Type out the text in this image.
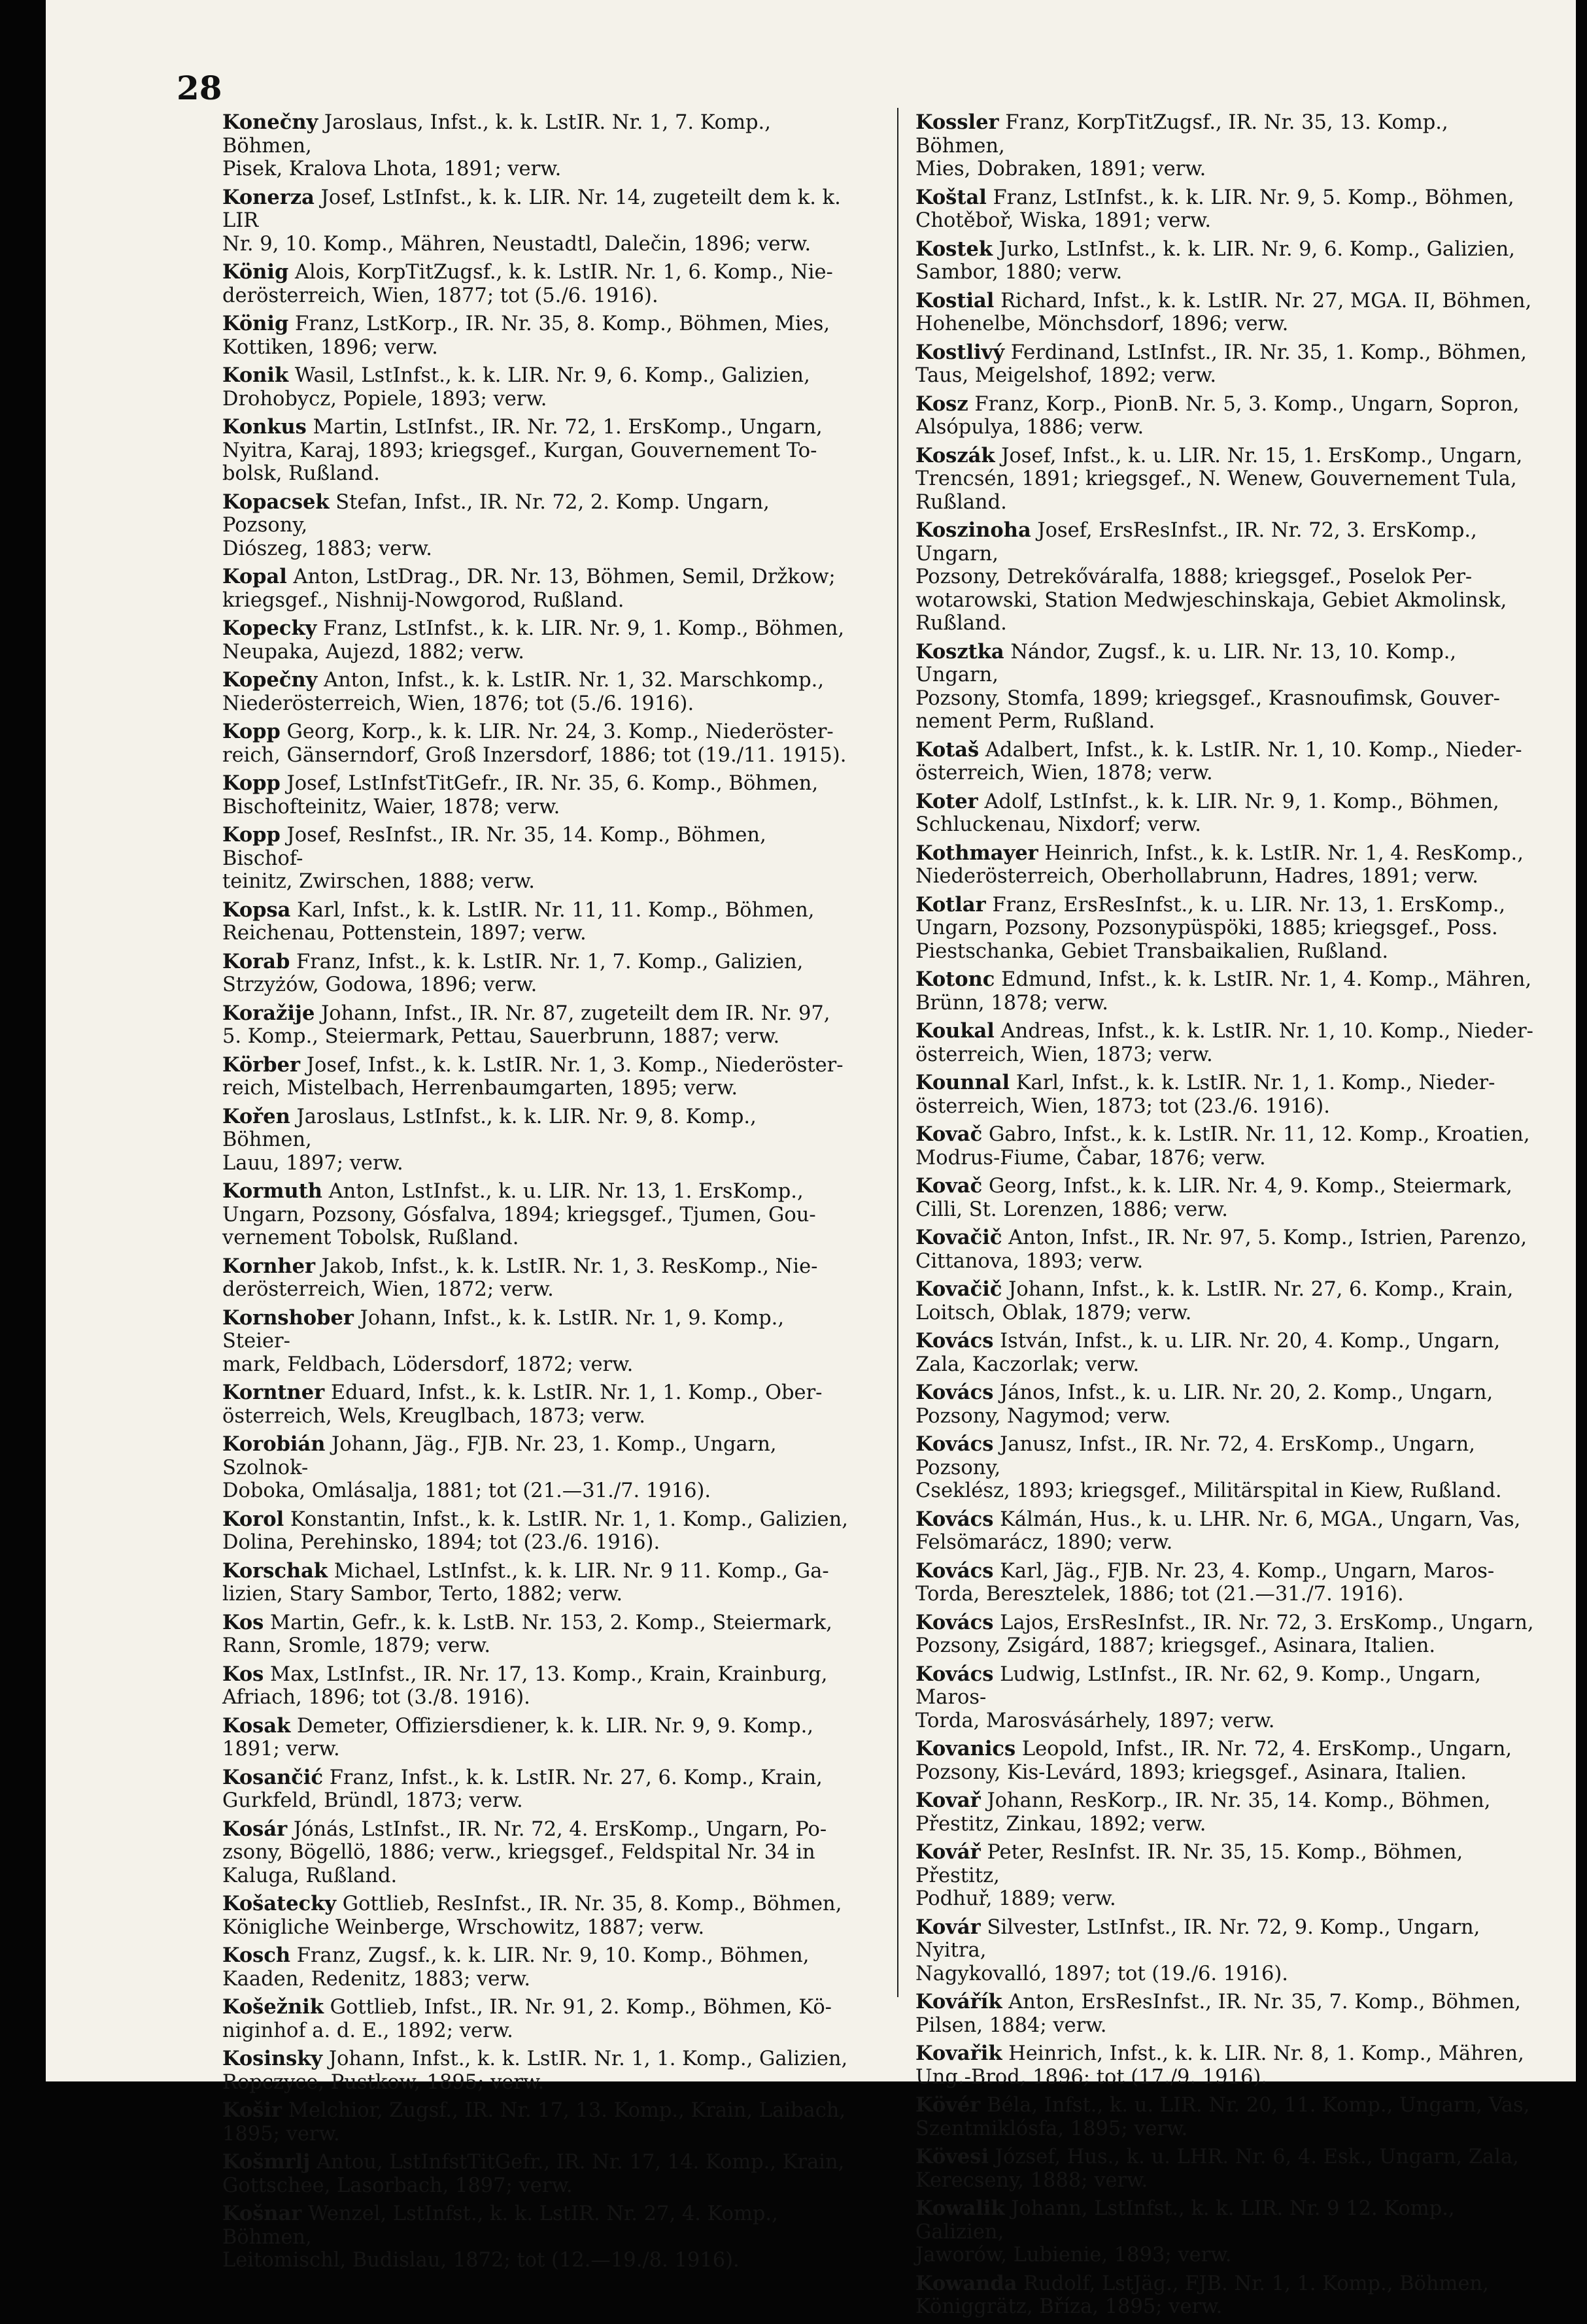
28
Konečny Jaroslaus, Infst., k. k. LstIR. Nr. 1, 7. Komp., Böhmen,
Pisek, Kralova Lhota, 1891; verw.
Konerza Josef, LstInfst., k. k. LIR. Nr. 14, zugeteilt dem k. k. LIR
Nr. 9, 10. Komp., Mähren, Neustadtl, Dalečin, 1896; verw.
König Alois, KorpTitZugsf., k. k. LstIR. Nr. 1, 6. Komp., Nie-
derösterreich, Wien, 1877; tot (5./6. 1916).
König Franz, LstKorp., IR. Nr. 35, 8. Komp., Böhmen, Mies,
Kottiken, 1896; verw.
Konik Wasil, LstInfst., k. k. LIR. Nr. 9, 6. Komp., Galizien,
Drohobycz, Popiele, 1893; verw.
Konkus Martin, LstInfst., IR. Nr. 72, 1. ErsKomp., Ungarn,
Nyitra, Karaj, 1893; kriegsgef., Kurgan, Gouvernement To-
bolsk, Rußland.
Kopacsek Stefan, Infst., IR. Nr. 72, 2. Komp. Ungarn, Pozsony,
Diószeg, 1883; verw.
Kopal Anton, LstDrag., DR. Nr. 13, Böhmen, Semil, Držkow;
kriegsgef., Nishnij-Nowgorod, Rußland.
Kopecky Franz, LstInfst., k. k. LIR. Nr. 9, 1. Komp., Böhmen,
Neupaka, Aujezd, 1882; verw.
Kopečny Anton, Infst., k. k. LstIR. Nr. 1, 32. Marschkomp.,
Niederösterreich, Wien, 1876; tot (5./6. 1916).
Kopp Georg, Korp., k. k. LIR. Nr. 24, 3. Komp., Niederöster-
reich, Gänserndorf, Groß Inzersdorf, 1886; tot (19./11. 1915).
Kopp Josef, LstInfstTitGefr., IR. Nr. 35, 6. Komp., Böhmen,
Bischofteinitz, Waier, 1878; verw.
Kopp Josef, ResInfst., IR. Nr. 35, 14. Komp., Böhmen, Bischof-
teinitz, Zwirschen, 1888; verw.
Kopsa Karl, Infst., k. k. LstIR. Nr. 11, 11. Komp., Böhmen,
Reichenau, Pottenstein, 1897; verw.
Korab Franz, Infst., k. k. LstIR. Nr. 1, 7. Komp., Galizien,
Strzyżów, Godowa, 1896; verw.
Koražije Johann, Infst., IR. Nr. 87, zugeteilt dem IR. Nr. 97,
5. Komp., Steiermark, Pettau, Sauerbrunn, 1887; verw.
Körber Josef, Infst., k. k. LstIR. Nr. 1, 3. Komp., Niederöster-
reich, Mistelbach, Herrenbaumgarten, 1895; verw.
Kořen Jaroslaus, LstInfst., k. k. LIR. Nr. 9, 8. Komp., Böhmen,
Lauu, 1897; verw.
Kormuth Anton, LstInfst., k. u. LIR. Nr. 13, 1. ErsKomp.,
Ungarn, Pozsony, Gósfalva, 1894; kriegsgef., Tjumen, Gou-
vernement Tobolsk, Rußland.
Kornher Jakob, Infst., k. k. LstIR. Nr. 1, 3. ResKomp., Nie-
derösterreich, Wien, 1872; verw.
Kornshober Johann, Infst., k. k. LstIR. Nr. 1, 9. Komp., Steier-
mark, Feldbach, Lödersdorf, 1872; verw.
Korntner Eduard, Infst., k. k. LstIR. Nr. 1, 1. Komp., Ober-
österreich, Wels, Kreuglbach, 1873; verw.
Korobián Johann, Jäg., FJB. Nr. 23, 1. Komp., Ungarn, Szolnok-
Doboka, Omlásalja, 1881; tot (21.—31./7. 1916).
Korol Konstantin, Infst., k. k. LstIR. Nr. 1, 1. Komp., Galizien,
Dolina, Perehinsko, 1894; tot (23./6. 1916).
Korschak Michael, LstInfst., k. k. LIR. Nr. 9 11. Komp., Ga-
lizien, Stary Sambor, Terto, 1882; verw.
Kos Martin, Gefr., k. k. LstB. Nr. 153, 2. Komp., Steiermark,
Rann, Sromle, 1879; verw.
Kos Max, LstInfst., IR. Nr. 17, 13. Komp., Krain, Krainburg,
Afriach, 1896; tot (3./8. 1916).
Kosak Demeter, Offiziersdiener, k. k. LIR. Nr. 9, 9. Komp.,
1891; verw.
Kosančić Franz, Infst., k. k. LstIR. Nr. 27, 6. Komp., Krain,
Gurkfeld, Bründl, 1873; verw.
Kosár Jónás, LstInfst., IR. Nr. 72, 4. ErsKomp., Ungarn, Po-
zsony, Bögellö, 1886; verw., kriegsgef., Feldspital Nr. 34 in
Kaluga, Rußland.
Košatecky Gottlieb, ResInfst., IR. Nr. 35, 8. Komp., Böhmen,
Königliche Weinberge, Wrschowitz, 1887; verw.
Kosch Franz, Zugsf., k. k. LIR. Nr. 9, 10. Komp., Böhmen,
Kaaden, Redenitz, 1883; verw.
Košežnik Gottlieb, Infst., IR. Nr. 91, 2. Komp., Böhmen, Kö-
niginhof a. d. E., 1892; verw.
Kosinsky Johann, Infst., k. k. LstIR. Nr. 1, 1. Komp., Galizien,
Ropczyce, Pustkow, 1895; verw.
Košir Melchior, Zugsf., IR. Nr. 17, 13. Komp., Krain, Laibach,
1895; verw.
Košmrlj Antou, LstInfstTitGefr., IR. Nr. 17, 14. Komp., Krain,
Gottschee, Lasorbach, 1897; verw.
Košnar Wenzel, LstInfst., k. k. LstIR. Nr. 27, 4. Komp., Böhmen,
Leitomischl, Budislau, 1872; tot (12.—19./8. 1916).
Kossler Franz, KorpTitZugsf., IR. Nr. 35, 13. Komp., Böhmen,
Mies, Dobraken, 1891; verw.
Koštal Franz, LstInfst., k. k. LIR. Nr. 9, 5. Komp., Böhmen,
Chotěboř, Wiska, 1891; verw.
Kostek Jurko, LstInfst., k. k. LIR. Nr. 9, 6. Komp., Galizien,
Sambor, 1880; verw.
Kostial Richard, Infst., k. k. LstIR. Nr. 27, MGA. II, Böhmen,
Hohenelbe, Mönchsdorf, 1896; verw.
Kostlivý Ferdinand, LstInfst., IR. Nr. 35, 1. Komp., Böhmen,
Taus, Meigelshof, 1892; verw.
Kosz Franz, Korp., PionB. Nr. 5, 3. Komp., Ungarn, Sopron,
Alsópulya, 1886; verw.
Koszák Josef, Infst., k. u. LIR. Nr. 15, 1. ErsKomp., Ungarn,
Trencsén, 1891; kriegsgef., N. Wenew, Gouvernement Tula,
Rußland.
Koszinoha Josef, ErsResInfst., IR. Nr. 72, 3. ErsKomp., Ungarn,
Pozsony, Detrekőváralfa, 1888; kriegsgef., Poselok Per-
wotarowski, Station Medwjeschinskaja, Gebiet Akmolinsk,
Rußland.
Kosztka Nándor, Zugsf., k. u. LIR. Nr. 13, 10. Komp., Ungarn,
Pozsony, Stomfa, 1899; kriegsgef., Krasnoufimsk, Gouver-
nement Perm, Rußland.
Kotaš Adalbert, Infst., k. k. LstIR. Nr. 1, 10. Komp., Nieder-
österreich, Wien, 1878; verw.
Koter Adolf, LstInfst., k. k. LIR. Nr. 9, 1. Komp., Böhmen,
Schluckenau, Nixdorf; verw.
Kothmayer Heinrich, Infst., k. k. LstIR. Nr. 1, 4. ResKomp.,
Niederösterreich, Oberhollabrunn, Hadres, 1891; verw.
Kotlar Franz, ErsResInfst., k. u. LIR. Nr. 13, 1. ErsKomp.,
Ungarn, Pozsony, Pozsonypüspöki, 1885; kriegsgef., Poss.
Piestschanka, Gebiet Transbaikalien, Rußland.
Kotonc Edmund, Infst., k. k. LstIR. Nr. 1, 4. Komp., Mähren,
Brünn, 1878; verw.
Koukal Andreas, Infst., k. k. LstIR. Nr. 1, 10. Komp., Nieder-
österreich, Wien, 1873; verw.
Kounnal Karl, Infst., k. k. LstIR. Nr. 1, 1. Komp., Nieder-
österreich, Wien, 1873; tot (23./6. 1916).
Kovač Gabro, Infst., k. k. LstIR. Nr. 11, 12. Komp., Kroatien,
Modrus-Fiume, Čabar, 1876; verw.
Kovač Georg, Infst., k. k. LIR. Nr. 4, 9. Komp., Steiermark,
Cilli, St. Lorenzen, 1886; verw.
Kovačič Anton, Infst., IR. Nr. 97, 5. Komp., Istrien, Parenzo,
Cittanova, 1893; verw.
Kovačič Johann, Infst., k. k. LstIR. Nr. 27, 6. Komp., Krain,
Loitsch, Oblak, 1879; verw.
Kovács István, Infst., k. u. LIR. Nr. 20, 4. Komp., Ungarn,
Zala, Kaczorlak; verw.
Kovács János, Infst., k. u. LIR. Nr. 20, 2. Komp., Ungarn,
Pozsony, Nagymod; verw.
Kovács Janusz, Infst., IR. Nr. 72, 4. ErsKomp., Ungarn, Pozsony,
Cseklész, 1893; kriegsgef., Militärspital in Kiew, Rußland.
Kovács Kálmán, Hus., k. u. LHR. Nr. 6, MGA., Ungarn, Vas,
Felsömarácz, 1890; verw.
Kovács Karl, Jäg., FJB. Nr. 23, 4. Komp., Ungarn, Maros-
Torda, Beresztelek, 1886; tot (21.—31./7. 1916).
Kovács Lajos, ErsResInfst., IR. Nr. 72, 3. ErsKomp., Ungarn,
Pozsony, Zsigárd, 1887; kriegsgef., Asinara, Italien.
Kovács Ludwig, LstInfst., IR. Nr. 62, 9. Komp., Ungarn, Maros-
Torda, Marosvásárhely, 1897; verw.
Kovanics Leopold, Infst., IR. Nr. 72, 4. ErsKomp., Ungarn,
Pozsony, Kis-Levárd, 1893; kriegsgef., Asinara, Italien.
Kovař Johann, ResKorp., IR. Nr. 35, 14. Komp., Böhmen,
Přestitz, Zinkau, 1892; verw.
Kovář Peter, ResInfst. IR. Nr. 35, 15. Komp., Böhmen, Přestitz,
Podhuř, 1889; verw.
Kovár Silvester, LstInfst., IR. Nr. 72, 9. Komp., Ungarn, Nyitra,
Nagykovalló, 1897; tot (19./6. 1916).
Kovářík Anton, ErsResInfst., IR. Nr. 35, 7. Komp., Böhmen,
Pilsen, 1884; verw.
Kovařik Heinrich, Infst., k. k. LIR. Nr. 8, 1. Komp., Mähren,
Ung.-Brod, 1896; tot (17./9. 1916).
Kövér Béla, Infst., k. u. LIR. Nr. 20, 11. Komp., Ungarn, Vas,
Szentmiklósfa, 1895; verw.
Kövesi József, Hus., k. u. LHR. Nr. 6, 4. Esk., Ungarn, Zala,
Kerecseny, 1888; verw.
Kowalik Johann, LstInfst., k. k. LIR. Nr. 9 12. Komp., Galizien,
Jaworów, Lubienie, 1893; verw.
Kowanda Rudolf, LstJäg., FJB. Nr. 1, 1. Komp., Böhmen,
Königgrätz, Bříza, 1895; verw.
